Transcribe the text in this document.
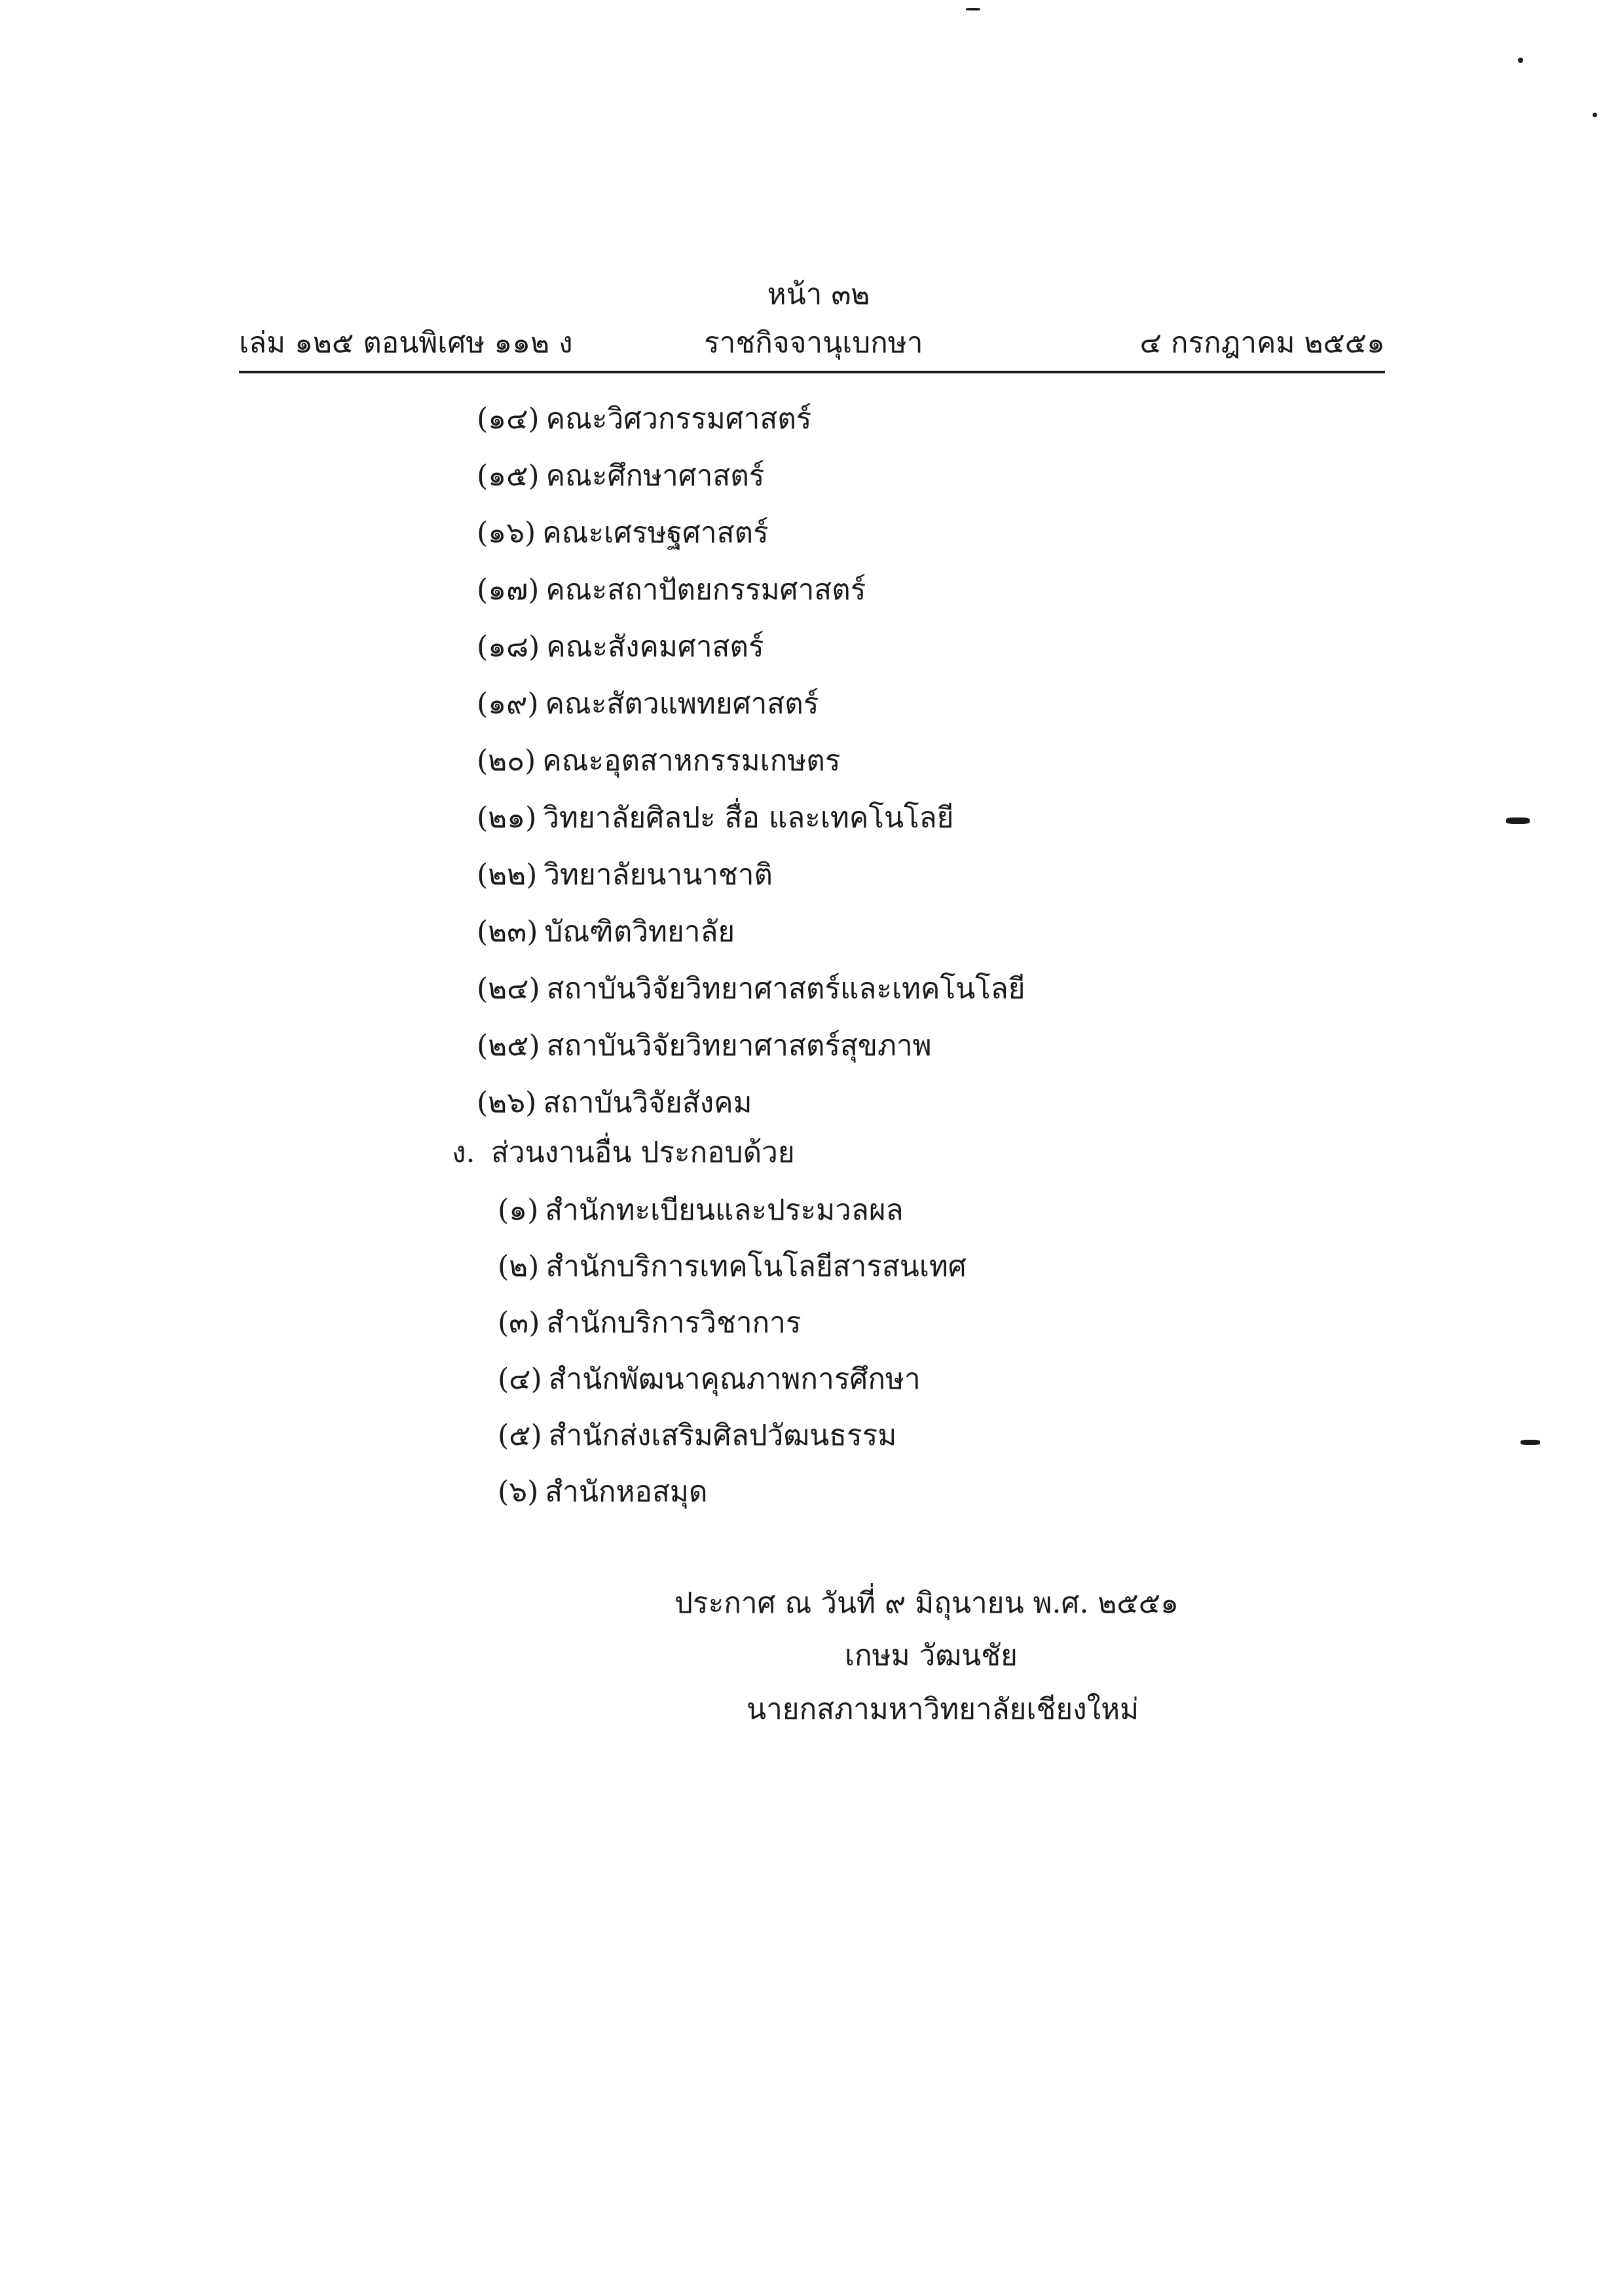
หน้า ๓๒
เล่ม ๑๒๕ ตอนพิเศษ ๑๑๒ ง	ราชกิจจานุเบกษา	๔ กรกฎาคม ๒๕๕๑
(๑๔) คณะวิศวกรรมศาสตร์
(๑๕) คณะศึกษาศาสตร์
(๑๖) คณะเศรษฐศาสตร์
(๑๗) คณะสถาปัตยกรรมศาสตร์
(๑๘) คณะสังคมศาสตร์
(๑๙) คณะสัตวแพทยศาสตร์
(๒๐) คณะอุตสาหกรรมเกษตร
(๒๑) วิทยาลัยศิลปะ สื่อ และเทคโนโลยี
(๒๒) วิทยาลัยนานาชาติ
(๒๓) บัณฑิตวิทยาลัย
(๒๔) สถาบันวิจัยวิทยาศาสตร์และเทคโนโลยี
(๒๕) สถาบันวิจัยวิทยาศาสตร์สุขภาพ
(๒๖) สถาบันวิจัยสังคม
ง. ส่วนงานอื่น ประกอบด้วย
(๑) สำนักทะเบียนและประมวลผล
(๒) สำนักบริการเทคโนโลยีสารสนเทศ
(๓) สำนักบริการวิชาการ
(๔) สำนักพัฒนาคุณภาพการศึกษา
(๕) สำนักส่งเสริมศิลปวัฒนธรรม
(๖) สำนักหอสมุด
ประกาศ ณ วันที่ ๙ มิถุนายน พ.ศ. ๒๕๕๑
เกษม วัฒนชัย
นายกสภามหาวิทยาลัยเชียงใหม่
